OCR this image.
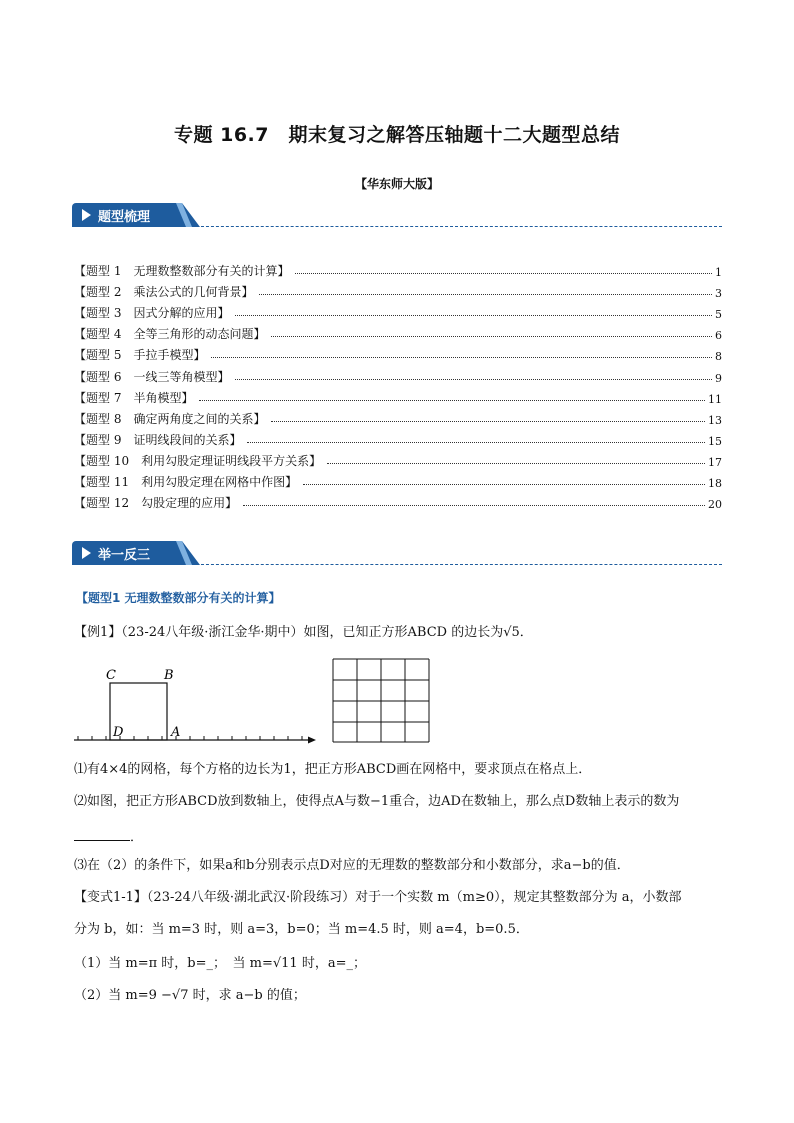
专题 16.7　期末复习之解答压轴题十二大题型总结
【华东师大版】
题型梳理
【题型 1　无理数整数部分有关的计算】	1
【题型 2　乘法公式的几何背景】	3
【题型 3　因式分解的应用】	5
【题型 4　全等三角形的动态问题】	6
【题型 5　手拉手模型】	8
【题型 6　一线三等角模型】	9
【题型 7　半角模型】	11
【题型 8　确定两角度之间的关系】	13
【题型 9　证明线段间的关系】	15
【题型 10　利用勾股定理证明线段平方关系】	17
【题型 11　利用勾股定理在网格中作图】	18
【题型 12　勾股定理的应用】	20
举一反三
【题型1 无理数整数部分有关的计算】
【例1】（23-24八年级·浙江金华·期中）如图，已知正方形ABCD 的边长为√5．
C	B
D	A
⑴有4×4的网格，每个方格的边长为1，把正方形ABCD画在网格中，要求顶点在格点上．
⑵如图，把正方形ABCD放到数轴上，使得点A与数−1重合，边AD在数轴上，那么点D数轴上表示的数为
．
⑶在（2）的条件下，如果a和b分别表示点D对应的无理数的整数部分和小数部分，求a−b的值．
【变式1-1】（23-24八年级·湖北武汉·阶段练习）对于一个实数 m（m≥0），规定其整数部分为 a，小数部
分为 b，如：当 m=3 时，则 a=3，b=0；当 m=4.5 时，则 a=4，b=0.5．
（1）当 m=π 时，b=_；　当 m=√11 时，a=_；
（2）当 m=9 −√7 时，求 a−b 的值；
